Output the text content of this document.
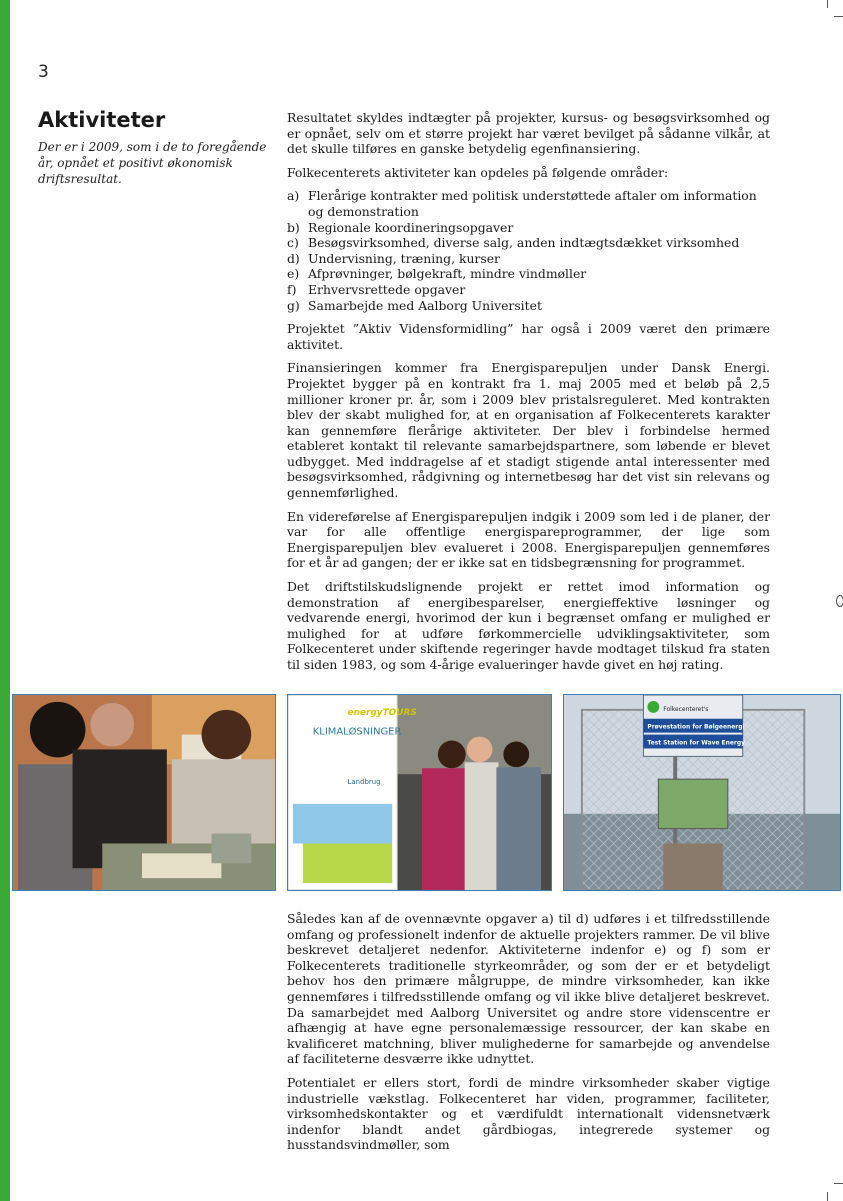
3
Aktiviteter

Der er i 2009, som i de to foregående år, opnået et positivt økonomisk driftsresultat.

Resultatet skyldes indtægter på projekter, kursus- og besøgsvirksomhed og er opnået, selv om et større projekt har været bevilget på sådanne vilkår, at det skulle tilføres en ganske betydelig egenfinansiering.

Folkecenterets aktiviteter kan opdeles på følgende områder:

a) Flerårige kontrakter med politisk understøttede aftaler om information og demonstration
b) Regionale koordineringsopgaver
c) Besøgsvirksomhed, diverse salg, anden indtægtsdækket virksomhed
d) Undervisning, træning, kurser
e) Afprøvninger, bølgekraft, mindre vindmøller
f) Erhvervsrettede opgaver
g) Samarbejde med Aalborg Universitet

Projektet ”Aktiv Vidensformidling” har også i 2009 været den primære aktivitet.

Finansieringen kommer fra Energisparepuljen under Dansk Energi. Projektet bygger på en kontrakt fra 1. maj 2005 med et beløb på 2,5 millioner kroner pr. år, som i 2009 blev pristalsreguleret. Med kontrakten blev der skabt mulighed for, at en organisation af Folkecenterets karakter kan gennemføre flerårige aktiviteter. Der blev i forbindelse hermed etableret kontakt til relevante samarbejdspartnere, som løbende er blevet udbygget. Med inddragelse af et stadigt stigende antal interessenter med besøgsvirksomhed, rådgivning og internetbesøg har det vist sin relevans og gennemførlighed.

En videreførelse af Energisparepuljen indgik i 2009 som led i de planer, der var for alle offentlige energispareprogrammer, der lige som Energisparepuljen blev evalueret i 2008. Energisparepuljen gennemføres for et år ad gangen; der er ikke sat en tidsbegrænsning for programmet.

Det driftstilskudslignende projekt er rettet imod information og demonstration af energibesparelser, energieffektive løsninger og vedvarende energi, hvorimod der kun i begrænset omfang er mulighed er mulighed for at udføre førkommercielle udviklingsaktiviteter, som Folkecenteret under skiftende regeringer havde modtaget tilskud fra staten til siden 1983, og som 4-årige evalueringer havde givet en høj rating.

energyTOURS
KLIMALØSNINGER
Landbrug
Folkecenteret's
Prøvestation for Bølgeenergi
Test Station for Wave Energy

Således kan af de ovennævnte opgaver a) til d) udføres i et tilfredsstillende omfang og professionelt indenfor de aktuelle projekters rammer. De vil blive beskrevet detaljeret nedenfor. Aktiviteterne indenfor e) og f) som er Folkecenterets traditionelle styrkeområder, og som der er et betydeligt behov hos den primære målgruppe, de mindre virksomheder, kan ikke gennemføres i tilfredsstillende omfang og vil ikke blive detaljeret beskrevet. Da samarbejdet med Aalborg Universitet og andre store videnscentre er afhængig at have egne personalemæssige ressourcer, der kan skabe en kvalificeret matchning, bliver mulighederne for samarbejde og anvendelse af faciliteterne desværre ikke udnyttet.

Potentialet er ellers stort, fordi de mindre virksomheder skaber vigtige industrielle vækstlag. Folkecenteret har viden, programmer, faciliteter, virksomhedskontakter og et værdifuldt internationalt vidensnetværk indenfor blandt andet gårdbiogas, integrerede systemer og husstandsvindmøller, som
